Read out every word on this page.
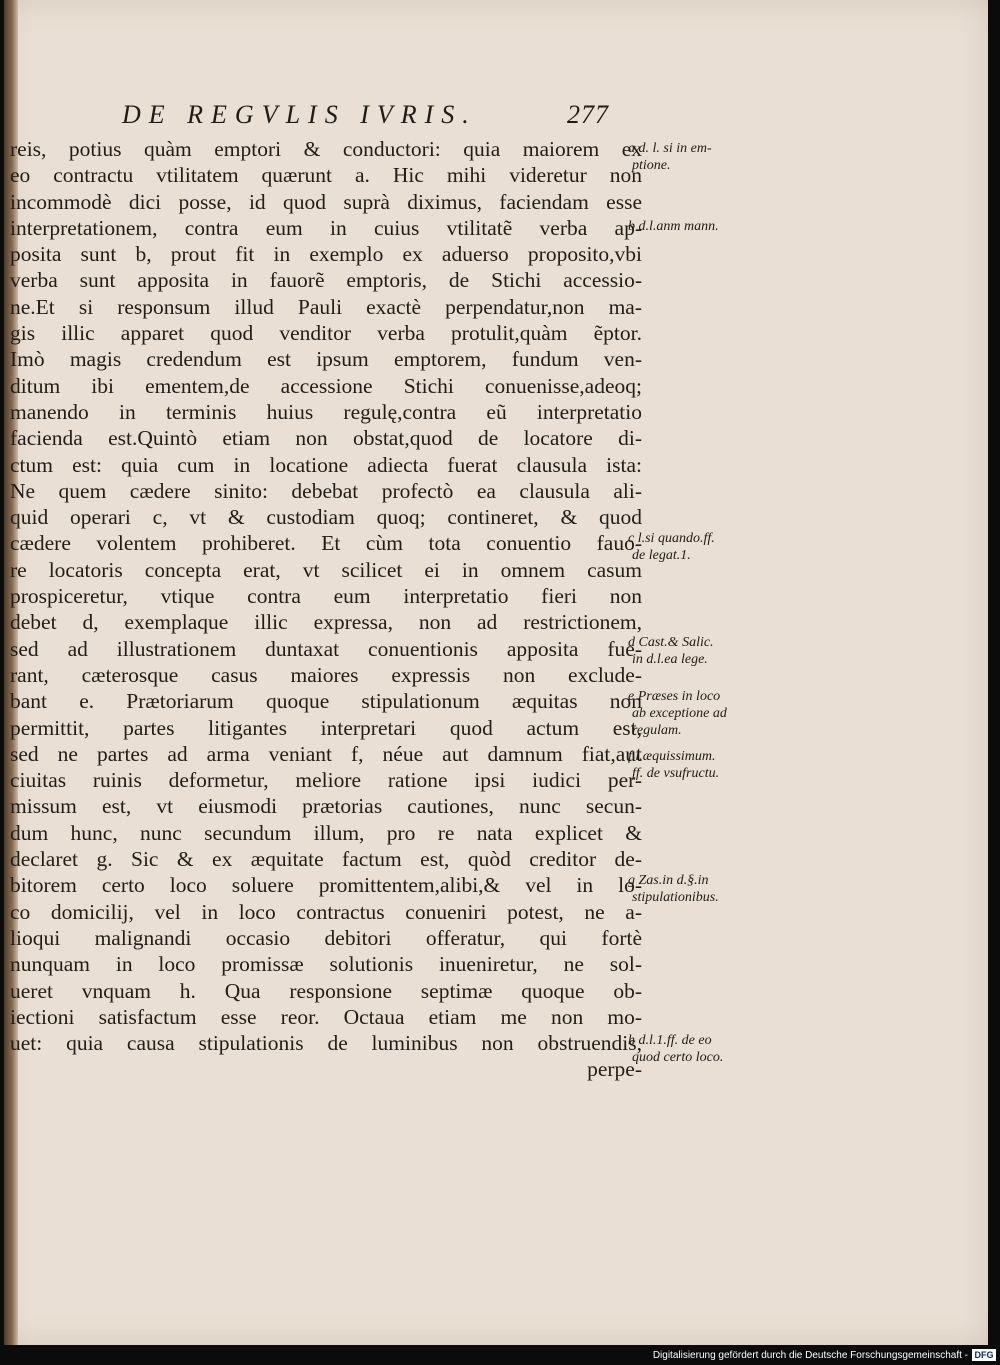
DE REGVLIS IVRIS.	277
reis, potius quàm emptori & conductori: quia maiorem ex
eo contractu vtilitatem quærunt a. Hic mihi videretur non
incommodè dici posse, id quod suprà diximus, faciendam esse
interpretationem, contra eum in cuius vtilitatẽ verba ap-
posita sunt b, prout fit in exemplo ex aduerso proposito,vbi
verba sunt apposita in fauorẽ emptoris, de Stichi accessio-
ne.Et si responsum illud Pauli exactè perpendatur,non ma-
gis illic apparet quod venditor verba protulit,quàm ẽptor.
Imò magis credendum est ipsum emptorem, fundum ven-
ditum ibi ementem,de accessione Stichi conuenisse,adeoq;
manendo in terminis huius regulę,contra eũ interpretatio
facienda est.Quintò etiam non obstat,quod de locatore di-
ctum est: quia cum in locatione adiecta fuerat clausula ista:
Ne quem cædere sinito: debebat profectò ea clausula ali-
quid operari c, vt & custodiam quoq; contineret, & quod
cædere volentem prohiberet. Et cùm tota conuentio fauo-
re locatoris concepta erat, vt scilicet ei in omnem casum
prospiceretur, vtique contra eum interpretatio fieri non
debet d, exemplaque illic expressa, non ad restrictionem,
sed ad illustrationem duntaxat conuentionis apposita fue-
rant, cæterosque casus maiores expressis non exclude-
bant e. Prætoriarum quoque stipulationum æquitas non
permittit, partes litigantes interpretari quod actum est,
sed ne partes ad arma veniant f, néue aut damnum fiat,aut
ciuitas ruinis deformetur, meliore ratione ipsi iudici per-
missum est, vt eiusmodi prætorias cautiones, nunc secun-
dum hunc, nunc secundum illum, pro re nata explicet &
declaret g. Sic & ex æquitate factum est, quòd creditor de-
bitorem certo loco soluere promittentem,alibi,& vel in lo-
co domicilij, vel in loco contractus conueniri potest, ne a-
lioqui malignandi occasio debitori offeratur, qui fortè
nunquam in loco promissæ solutionis inueniretur, ne sol-
ueret vnquam h. Qua responsione septimæ quoque ob-
iectioni satisfactum esse reor. Octaua etiam me non mo-
uet: quia causa stipulationis de luminibus non obstruendis,
perpe-
a d. l. si in em-
ptione.
b d.l.anm mann.
c l.si quando.ff.
de legat.1.
d Cast.& Salic.
in d.l.ea lege.
e Præses in loco
ab exceptione ad
regulam.
f l.æquissimum.
ff. de vsufructu.
g Zas.in d.§.in
stipulationibus.
h d.l.1.ff. de eo
quod certo loco.
Digitalisierung gefördert durch die Deutsche Forschungsgemeinschaft - DFG
